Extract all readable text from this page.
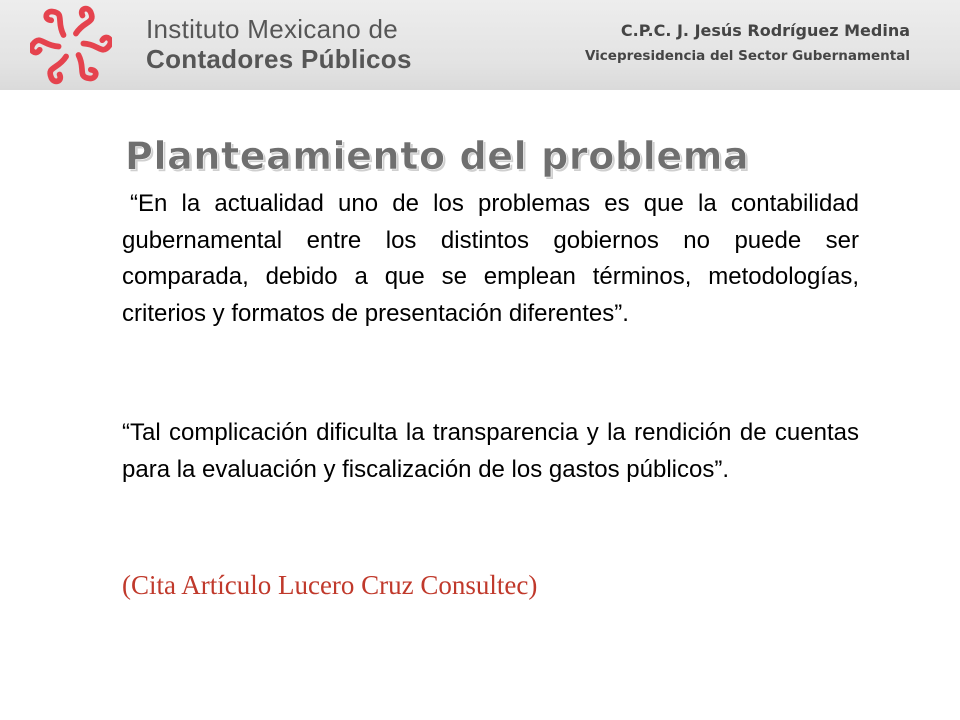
Instituto Mexicano de
Contadores Públicos
C.P.C. J. Jesús Rodríguez Medina
Vicepresidencia del Sector Gubernamental
Planteamiento del problema

“En la actualidad uno de los problemas es que la contabilidad gubernamental entre los distintos gobiernos no puede ser comparada, debido a que se emplean términos, metodologías, criterios y formatos de presentación diferentes”.

“Tal complicación dificulta la transparencia y la rendición de cuentas para la evaluación y fiscalización de los gastos públicos”.

(Cita Artículo Lucero Cruz Consultec)
